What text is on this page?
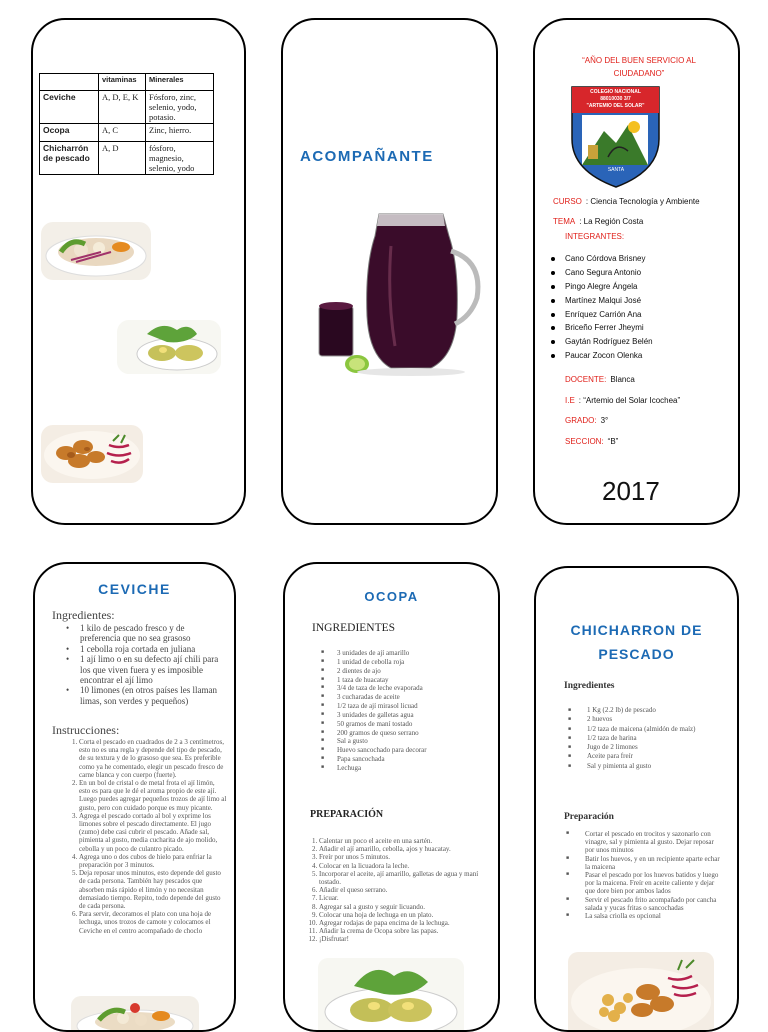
	vitaminas	Minerales
Ceviche	A, D, E, K	Fósforo, zinc, selenio, yodo, potasio.
Ocopa	A, C	Zinc, hierro.
Chicharrón de pescado	A, D	fósforo, magnesio, selenio, yodo
ACOMPAÑANTE
“AÑO DEL BUEN SERVICIO AL CIUDADANO”
COLEGIO NACIONAL
88010030 3/7
"ARTEMIO DEL SOLAR"
SANTA
CURSO : Ciencia Tecnología y Ambiente
TEMA : La Región Costa
INTEGRANTES:
Cano Córdova Brisney
Cano Segura Antonio
Pingo Alegre Ángela
Martínez Malqui José
Enríquez Carrión Ana
Briceño Ferrer Jheymi
Gaytán Rodríguez Belén
Paucar Zocon Olenka
DOCENTE: Blanca
I.E : “Artemio del Solar Icochea”
GRADO: 3°
SECCION: “B”
2017
CEVICHE
Ingredientes:
• 1 kilo de pescado fresco y de preferencia que no sea grasoso
• 1 cebolla roja cortada en juliana
• 1 ají limo o en su defecto ají chili para los que viven fuera y es imposible encontrar el ají limo
• 10 limones (en otros países les llaman limas, son verdes y pequeños)
Instrucciones:
1. Corta el pescado en cuadrados de 2 a 3 centímetros, esto no es una regla y depende del tipo de pescado, de su textura y de lo grasoso que sea. Es preferible como ya he comentado, elegir un pescado fresco de carne blanca y con cuerpo (fuerte).
2. En un bol de cristal o de metal frota el ají limón, esto es para que le dé el aroma propio de este ají. Luego puedes agregar pequeños trozos de ají limo al gusto, pero con cuidado porque es muy picante.
3. Agrega el pescado cortado al bol y exprime los limones sobre el pescado directamente. El jugo (zumo) debe casi cubrir el pescado. Añade sal, pimienta al gusto, media cucharita de ajo molido, cebolla y un poco de culantro picado.
4. Agrega uno o dos cubos de hielo para enfriar la preparación por 3 minutos.
5. Deja reposar unos minutos, esto depende del gusto de cada persona. También hay pescados que absorben más rápido el limón y no necesitan demasiado tiempo. Repito, todo depende del gusto de cada persona.
6. Para servir, decoramos el plato con una hoja de lechuga, unos trozos de camote y colocamos el Ceviche en el centro acompañado de choclo
OCOPA
INGREDIENTES
■ 3 unidades de ají amarillo
■ 1 unidad de cebolla roja
■ 2 dientes de ajo
■ 1 taza de huacatay
■ 3/4 de taza de leche evaporada
■ 3 cucharadas de aceite
■ 1/2 taza de ají mirasol licuad
■ 3 unidades de galletas agua
■ 50 gramos de maní tostado
■ 200 gramos de queso serrano
■ Sal a gusto
■ Huevo sancochado para decorar
■ Papa sancochada
■ Lechuga
PREPARACIÓN
1. Calentar un poco el aceite en una sartén.
2. Añadir el ají amarillo, cebolla, ajos y huacatay.
3. Freír por unos 5 minutos.
4. Colocar en la licuadora la leche.
5. Incorporar el aceite, ají amarillo, galletas de agua y maní tostado.
6. Añadir el queso serrano.
7. Licuar.
8. Agregar sal a gusto y seguir licuando.
9. Colocar una hoja de lechuga en un plato.
10. Agregar rodajas de papa encima de la lechuga.
11. Añadir la crema de Ocopa sobre las papas.
12. ¡Disfrutar!
CHICHARRON DE
PESCADO
Ingredientes
■ 1 Kg (2.2 lb) de pescado
■ 2 huevos
■ 1/2 taza de maicena (almidón de maíz)
■ 1/2 taza de harina
■ Jugo de 2 limones
■ Aceite para freír
■ Sal y pimienta al gusto
Preparación
■ Cortar el pescado en trocitos y sazonarlo con vinagre, sal y pimienta al gusto. Dejar reposar por unos minutos
■ Batir los huevos, y en un recipiente aparte echar la maicena
■ Pasar el pescado por los huevos batidos y luego por la maicena. Freír en aceite caliente y dejar que dore bien por ambos lados
■ Servir el pescado frito acompañado por cancha salada y yucas fritas o sancochadas
■ La salsa criolla es opcional
